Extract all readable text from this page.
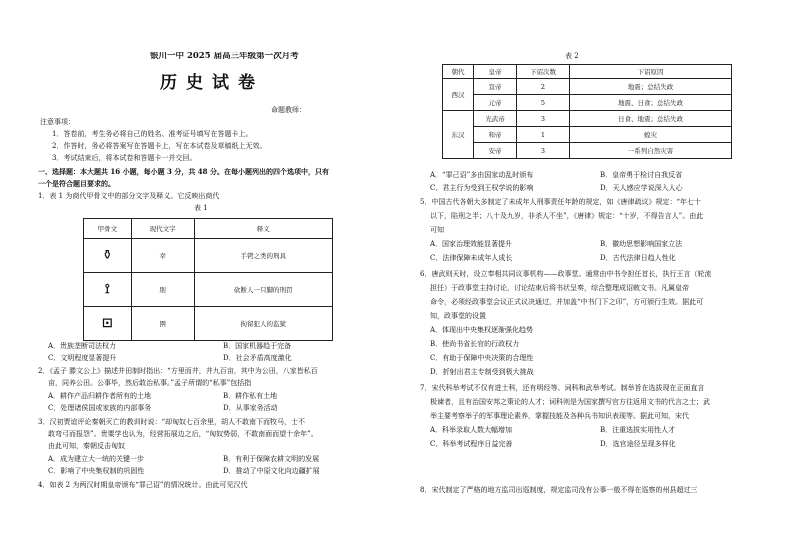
银川一中 2025 届高三年级第一次月考
历史试卷
命题教师：
注意事项：
1．答卷前，考生务必将自己的姓名、准考证号填写在答题卡上。
2．作答时，务必将答案写在答题卡上，写在本试卷及草稿纸上无效。
3．考试结束后，将本试卷和答题卡一并交回。
一、选择题：本大题共 16 小题，每小题 3 分，共 48 分。在每小题列出的四个选项中，只有
一个是符合题目要求的。
1．表 1 为商代甲骨文中的部分文字及释义。它反映出商代
表 1
甲骨文	现代文字	释义
⚱	幸	手铐之类的刑具
⟟	刖	砍断人一只脚的刑罚
⊡	圉	拘留犯人的监狱
A．贵族垄断司法权力	B．国家机器趋于完备
C．文明程度显著提升	D．社会矛盾高度激化
2．《孟子 滕文公上》描述井田制时指出：“方里而井，井九百亩，其中为公田，八家皆私百
亩，同养公田。公事毕，然后敢治私事。”孟子所谓的“私事”包括指
A．耕作产品归耕作者所有的土地	B．耕作私有土地
C．处理诸侯国或家族的内部事务	D．从事家务活动
3．汉初贾谊评论秦朝灭亡的教训时说：“却匈奴七百余里，胡人不敢南下而牧马，士不
敢弯弓而报怨”。贵粟学也认为，经营拓展边之后，“匈奴势弱，不敢南面而望十余年”。
由此可知，秦朝反击匈奴
A．成为建立大一统的关键一步	B．有利于保障农耕文明的发展
C．影响了中央集权制的巩固性	D．推动了中原文化向边疆扩展
4．如表 2 为两汉时期皇帝颁布“罪己诏”的情况统计。由此可见汉代
表 2
朝代	皇帝	下诏次数	下诏原因
西汉	宣帝	2	地震；总结失政
	元帝	5	地震、日食；总结失政
东汉	光武帝	3	日食、地震；总结失政
	和帝	1	蝗灾
	安帝	3	一系列自然灾害
A．“罪己诏”多由国家动乱时颁布	B．皇帝勇于检讨自我反省
C．君主行为受到王权学说的影响	D．天人感应学说深入人心
5．中国古代各朝大多制定了未成年人刑事责任年龄的规定，如《唐律疏议》规定：“年七十
以下，陷刑之半；八十及九岁，非杀人不坐”，《唐律》规定：“十岁，不得告言人”。由此
可知
A．国家治理效能显著提升	B．徽幼思想影响国家立法
C．法律保障未成年人成长	D．古代法律日趋人性化
6．唐武则天时，设立奉相共同议事机构——政事堂。通常由中书令担任首长，执行王言（轮流
担任）于政事堂主持讨论，讨论结束后将书状呈奏，综合整理成诏敕文书。凡属皇帝
命令，必须经政事堂会议正式议决通过，并加盖“中书门下之印”，方可颁行生效。据此可
知，政事堂的设置
A．体现出中央集权逐渐强化趋势
B．使尚书省长官的行政权力
C．有助于保障中央决策的合理性
D．折射出君主专制受到极大挑战
7．宋代科举考试不仅有进士科，还有明经等、词科和武举考试。制举旨在选拔现在正面直言
极谏者，且有治国安邦之策论的人才；词科则是为国家撰写官方往返用文书的代言之士；武
举主要考察举子的军事理论素养，掌握技能及各种兵书知识表现等。据此可知，宋代
A．科举录取人数大幅增加	B．注重选拔实用性人才
C．科举考试程序日益完善	D．选官途径呈现多样化
8．宋代制定了严格的地方监司出巡制度，规定监司没有公事一般不得在巡察的州县超过三
